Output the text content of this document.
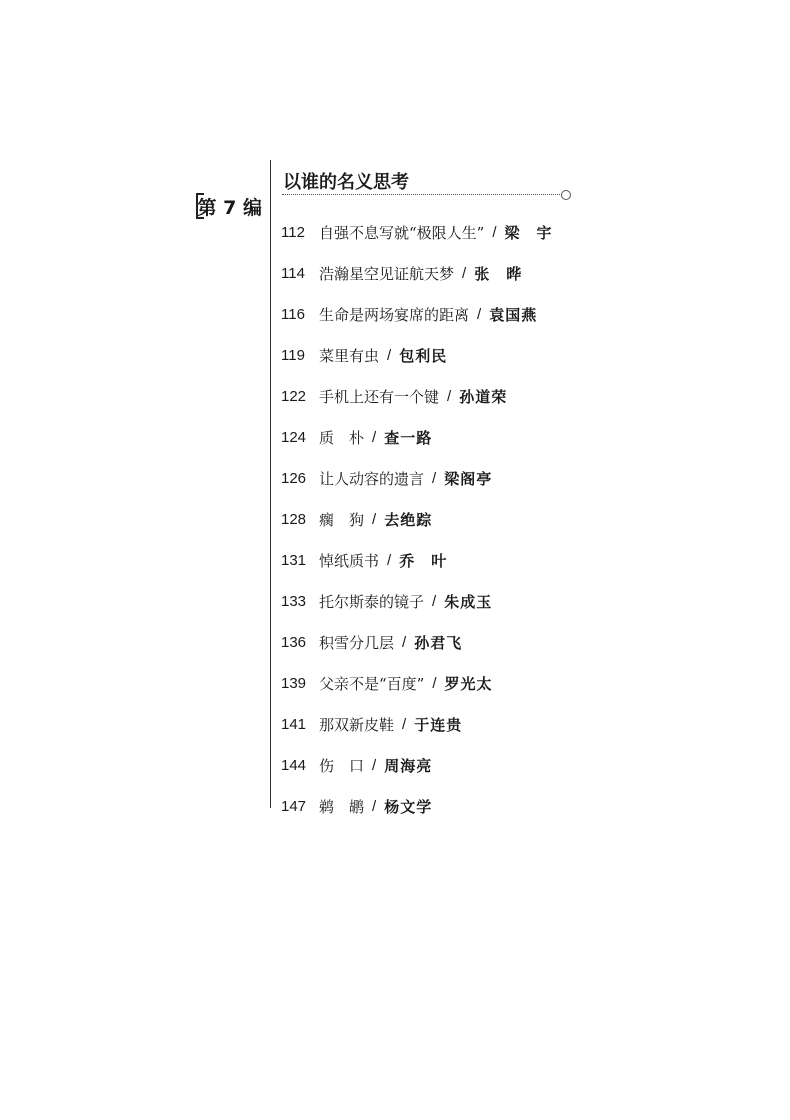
第 7 编
以谁的名义思考
112 自强不息写就“极限人生” / 梁　宇
114 浩瀚星空见证航天梦 / 张　晔
116 生命是两场宴席的距离 / 袁国燕
119 菜里有虫 / 包利民
122 手机上还有一个键 / 孙道荣
124 质　朴 / 查一路
126 让人动容的遗言 / 梁阁亭
128 瘸　狗 / 去绝踪
131 悼纸质书 / 乔　叶
133 托尔斯泰的镜子 / 朱成玉
136 积雪分几层 / 孙君飞
139 父亲不是“百度” / 罗光太
141 那双新皮鞋 / 于连贵
144 伤　口 / 周海亮
147 鹈　鹕 / 杨文学
